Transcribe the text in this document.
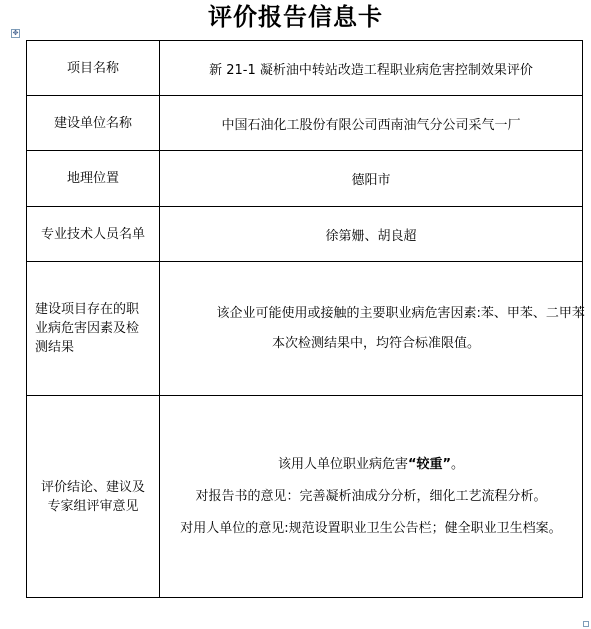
评价报告信息卡
✥
项目名称	新 21-1 凝析油中转站改造工程职业病危害控制效果评价
建设单位名称	中国石油化工股份有限公司西南油气分公司采气一厂
地理位置	德阳市
专业技术人员名单	徐第姗、胡良超

建设项目存在的职业病危害因素及检测结果	该企业可能使用或接触的主要职业病危害因素:苯、甲苯、二甲苯

本次检测结果中，均符合标准限值。

评价结论、建议及专家组评审意见	该用人单位职业病危害“较重”。

对报告书的意见：完善凝析油成分分析，细化工艺流程分析。

对用人单位的意见:规范设置职业卫生公告栏；健全职业卫生档案。
